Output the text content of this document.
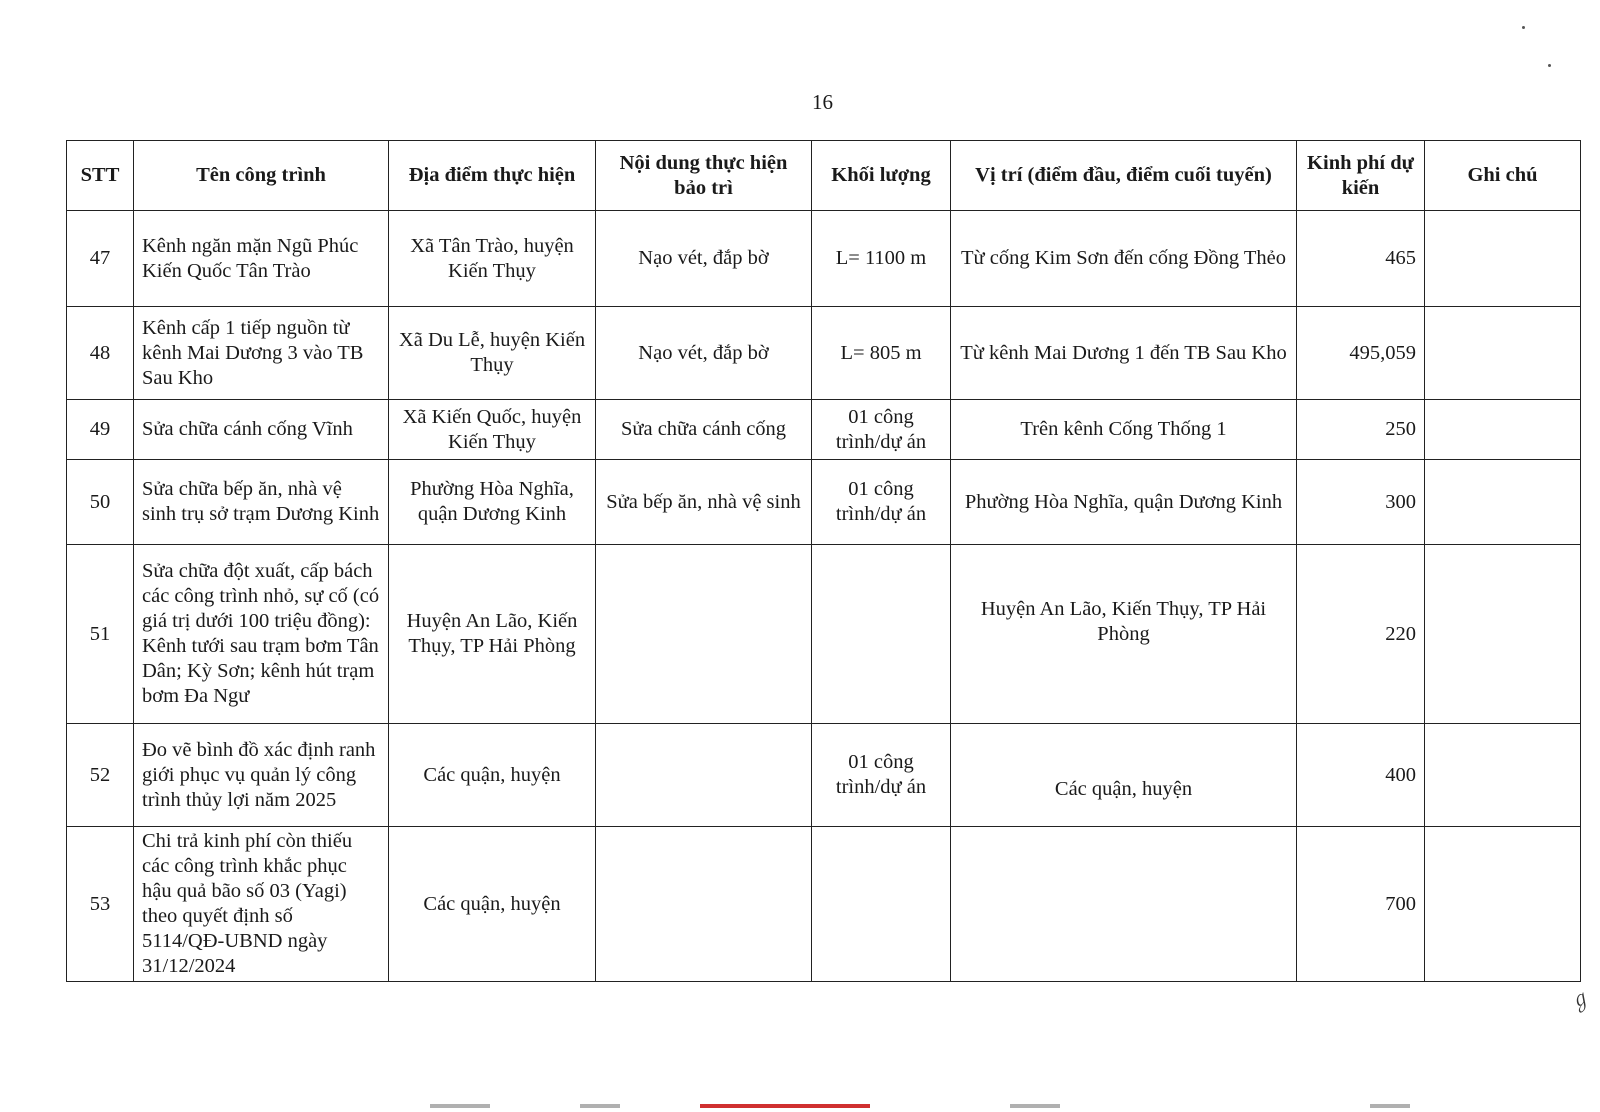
16
STT	Tên công trình	Địa điểm thực hiện	Nội dung thực hiện bảo trì	Khối lượng	Vị trí (điểm đầu, điểm cuối tuyến)	Kinh phí dự kiến	Ghi chú
47	Kênh ngăn mặn Ngũ Phúc Kiến Quốc Tân Trào	Xã Tân Trào, huyện Kiến Thụy	Nạo vét, đắp bờ	L= 1100 m	Từ cống Kim Sơn đến cống Đồng Thẻo	465	
48	Kênh cấp 1 tiếp nguồn từ kênh Mai Dương 3 vào TB Sau Kho	Xã Du Lễ, huyện Kiến Thụy	Nạo vét, đắp bờ	L= 805 m	Từ kênh Mai Dương 1 đến TB Sau Kho	495,059	
49	Sửa chữa cánh cống Vĩnh	Xã Kiến Quốc, huyện Kiến Thụy	Sửa chữa cánh cống	01 công trình/dự án	Trên kênh Cống Thống 1	250	
50	Sửa chữa bếp ăn, nhà vệ sinh trụ sở trạm Dương Kinh	Phường Hòa Nghĩa, quận Dương Kinh	Sửa bếp ăn, nhà vệ sinh	01 công trình/dự án	Phường Hòa Nghĩa, quận Dương Kinh	300	
51	Sửa chữa đột xuất, cấp bách các công trình nhỏ, sự cố (có giá trị dưới 100 triệu đồng): Kênh tưới sau trạm bơm Tân Dân; Kỳ Sơn; kênh hút trạm bơm Đa Ngư	Huyện An Lão, Kiến Thụy, TP Hải Phòng			Huyện An Lão, Kiến Thụy, TP Hải Phòng	220	
52	Đo vẽ bình đồ xác định ranh giới phục vụ quản lý công trình thủy lợi năm 2025	Các quận, huyện		01 công trình/dự án	Các quận, huyện	400	
53	Chi trả kinh phí còn thiếu các công trình khắc phục hậu quả bão số 03 (Yagi) theo quyết định số 5114/QĐ-UBND ngày 31/12/2024	Các quận, huyện				700	
ℊ
